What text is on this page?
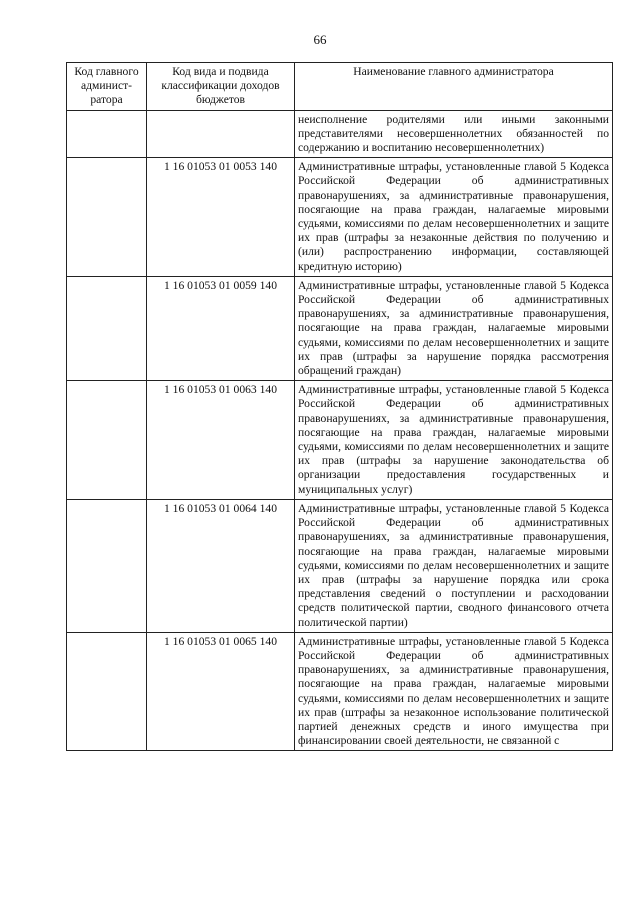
66
Код главного админист-ратора	Код вида и подвида классификации доходов бюджетов	Наименование главного администратора
		неисполнение родителями или иными законными представителями несовершеннолетних обязанностей по содержанию и воспитанию несовершеннолетних)
	1 16 01053 01 0053 140	Административные штрафы, установленные главой 5 Кодекса Российской Федерации об административных правонарушениях, за административные правонарушения, посягающие на права граждан, налагаемые мировыми судьями, комиссиями по делам несовершеннолетних и защите их прав (штрафы за незаконные действия по получению и (или) распространению информации, составляющей кредитную историю)
	1 16 01053 01 0059 140	Административные штрафы, установленные главой 5 Кодекса Российской Федерации об административных правонарушениях, за административные правонарушения, посягающие на права граждан, налагаемые мировыми судьями, комиссиями по делам несовершеннолетних и защите их прав (штрафы за нарушение порядка рассмотрения обращений граждан)
	1 16 01053 01 0063 140	Административные штрафы, установленные главой 5 Кодекса Российской Федерации об административных правонарушениях, за административные правонарушения, посягающие на права граждан, налагаемые мировыми судьями, комиссиями по делам несовершеннолетних и защите их прав (штрафы за нарушение законодательства об организации предоставления государственных и муниципальных услуг)
	1 16 01053 01 0064 140	Административные штрафы, установленные главой 5 Кодекса Российской Федерации об административных правонарушениях, за административные правонарушения, посягающие на права граждан, налагаемые мировыми судьями, комиссиями по делам несовершеннолетних и защите их прав (штрафы за нарушение порядка или срока представления сведений о поступлении и расходовании средств политической партии, сводного финансового отчета политической партии)
	1 16 01053 01 0065 140	Административные штрафы, установленные главой 5 Кодекса Российской Федерации об административных правонарушениях, за административные правонарушения, посягающие на права граждан, налагаемые мировыми судьями, комиссиями по делам несовершеннолетних и защите их прав (штрафы за незаконное использование политической партией денежных средств и иного имущества при финансировании своей деятельности, не связанной с
